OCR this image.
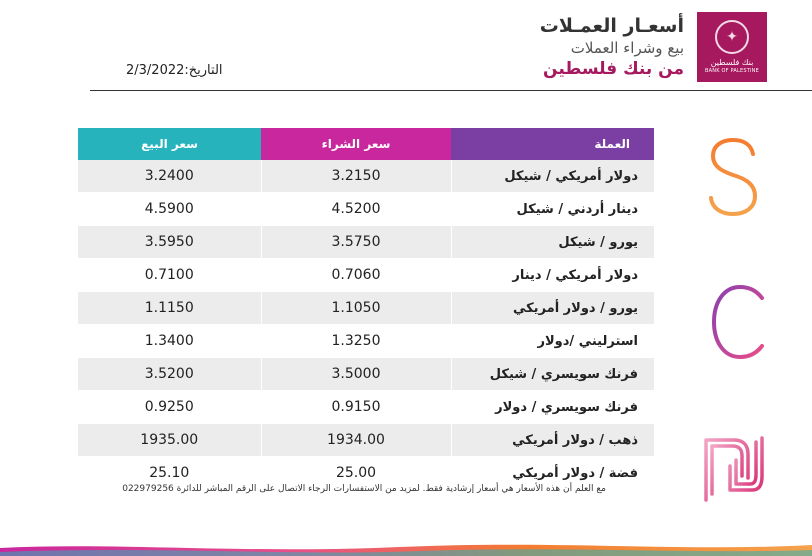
✦
بنك فلسطين
BANK OF PALESTINE
أسعـار العمـلات
بيع وشراء العملات
من بنك فلسطين
التاريخ:2/3/2022
سعر البيع	سعر الشراء	العملة
3.2400	3.2150	دولار أمريكي / شيكل
4.5900	4.5200	دينار أردني / شيكل
3.5950	3.5750	يورو / شيكل
0.7100	0.7060	دولار أمريكي / دينار
1.1150	1.1050	يورو / دولار أمريكي
1.3400	1.3250	استرليني /دولار
3.5200	3.5000	فرنك سويسري / شيكل
0.9250	0.9150	فرنك سويسري / دولار
1935.00	1934.00	ذهب / دولار أمريكي
25.10	25.00	فضة / دولار أمريكي
مع العلم أن هذه الأسعار هي أسعار إرشادية فقط. لمزيد من الاستفسارات الرجاء الاتصال على الرقم المباشر للدائرة 022979256
